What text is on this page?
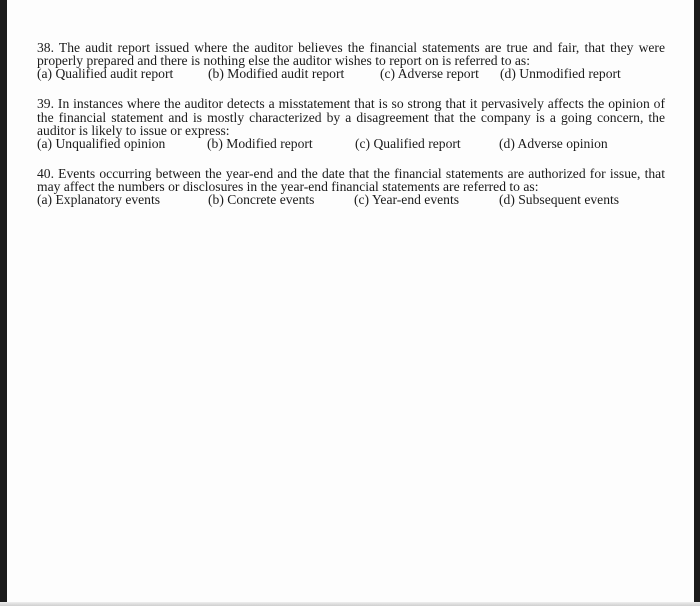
38. The audit report issued where the auditor believes the financial statements are true and fair, that they were properly prepared and there is nothing else the auditor wishes to report on is referred to as:

(a) Qualified audit report	(b) Modified audit report	(c) Adverse report	(d) Unmodified report

39. In instances where the auditor detects a misstatement that is so strong that it pervasively affects the opinion of the financial statement and is mostly characterized by a disagreement that the company is a going concern, the auditor is likely to issue or express:

(a) Unqualified opinion	(b) Modified report	(c) Qualified report	(d) Adverse opinion

40. Events occurring between the year-end and the date that the financial statements are authorized for issue, that may affect the numbers or disclosures in the year-end financial statements are referred to as:

(a) Explanatory events	(b) Concrete events	(c) Year-end events	(d) Subsequent events
